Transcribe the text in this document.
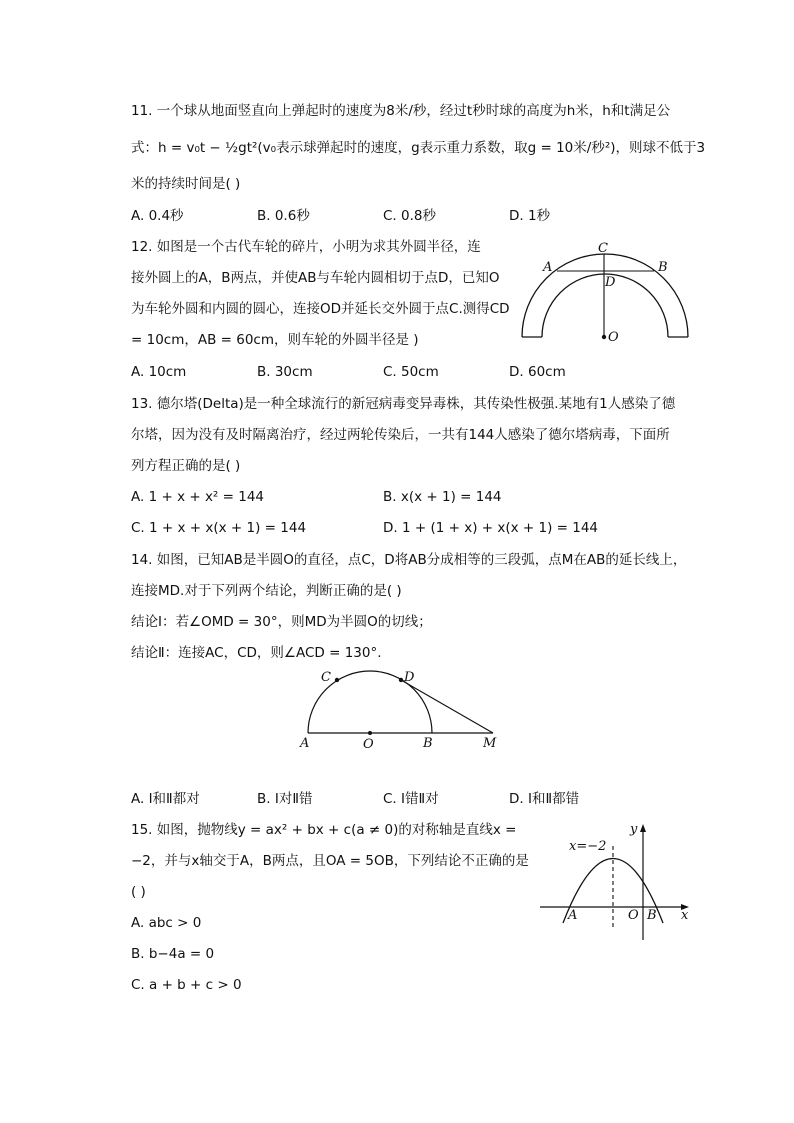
11. 一个球从地面竖直向上弹起时的速度为8米/秒，经过t秒时球的高度为h米，h和t满足公
式：h = v₀t − ½gt²(v₀表示球弹起时的速度，g表示重力系数，取g = 10米/秒²)，则球不低于3
米的持续时间是( )
A. 0.4秒	B. 0.6秒	C. 0.8秒	D. 1秒
12. 如图是一个古代车轮的碎片，小明为求其外圆半径，连
接外圆上的A，B两点，并使AB与车轮内圆相切于点D，已知O
为车轮外圆和内圆的圆心，连接OD并延长交外圆于点C.测得CD
= 10cm，AB = 60cm，则车轮的外圆半径是 )
A. 10cm	B. 30cm	C. 50cm	D. 60cm
C
A	B
D
O
13. 德尔塔(Delta)是一种全球流行的新冠病毒变异毒株，其传染性极强.某地有1人感染了德
尔塔，因为没有及时隔离治疗，经过两轮传染后，一共有144人感染了德尔塔病毒，下面所
列方程正确的是( )
A. 1 + x + x² = 144	B. x(x + 1) = 144
C. 1 + x + x(x + 1) = 144	D. 1 + (1 + x) + x(x + 1) = 144
14. 如图，已知AB是半圆O的直径，点C，D将AB分成相等的三段弧，点M在AB的延长线上，
连接MD.对于下列两个结论，判断正确的是( )
结论Ⅰ：若∠OMD = 30°，则MD为半圆O的切线；
结论Ⅱ：连接AC，CD，则∠ACD = 130°.
C	D
A	O	B	M
A. Ⅰ和Ⅱ都对	B. Ⅰ对Ⅱ错	C. Ⅰ错Ⅱ对	D. Ⅰ和Ⅱ都错
15. 如图，抛物线y = ax² + bx + c(a ≠ 0)的对称轴是直线x =
−2，并与x轴交于A，B两点，且OA = 5OB，下列结论不正确的是
( )
A. abc > 0
B. b−4a = 0
C. a + b + c > 0
x=−2
y
x
A	O B
